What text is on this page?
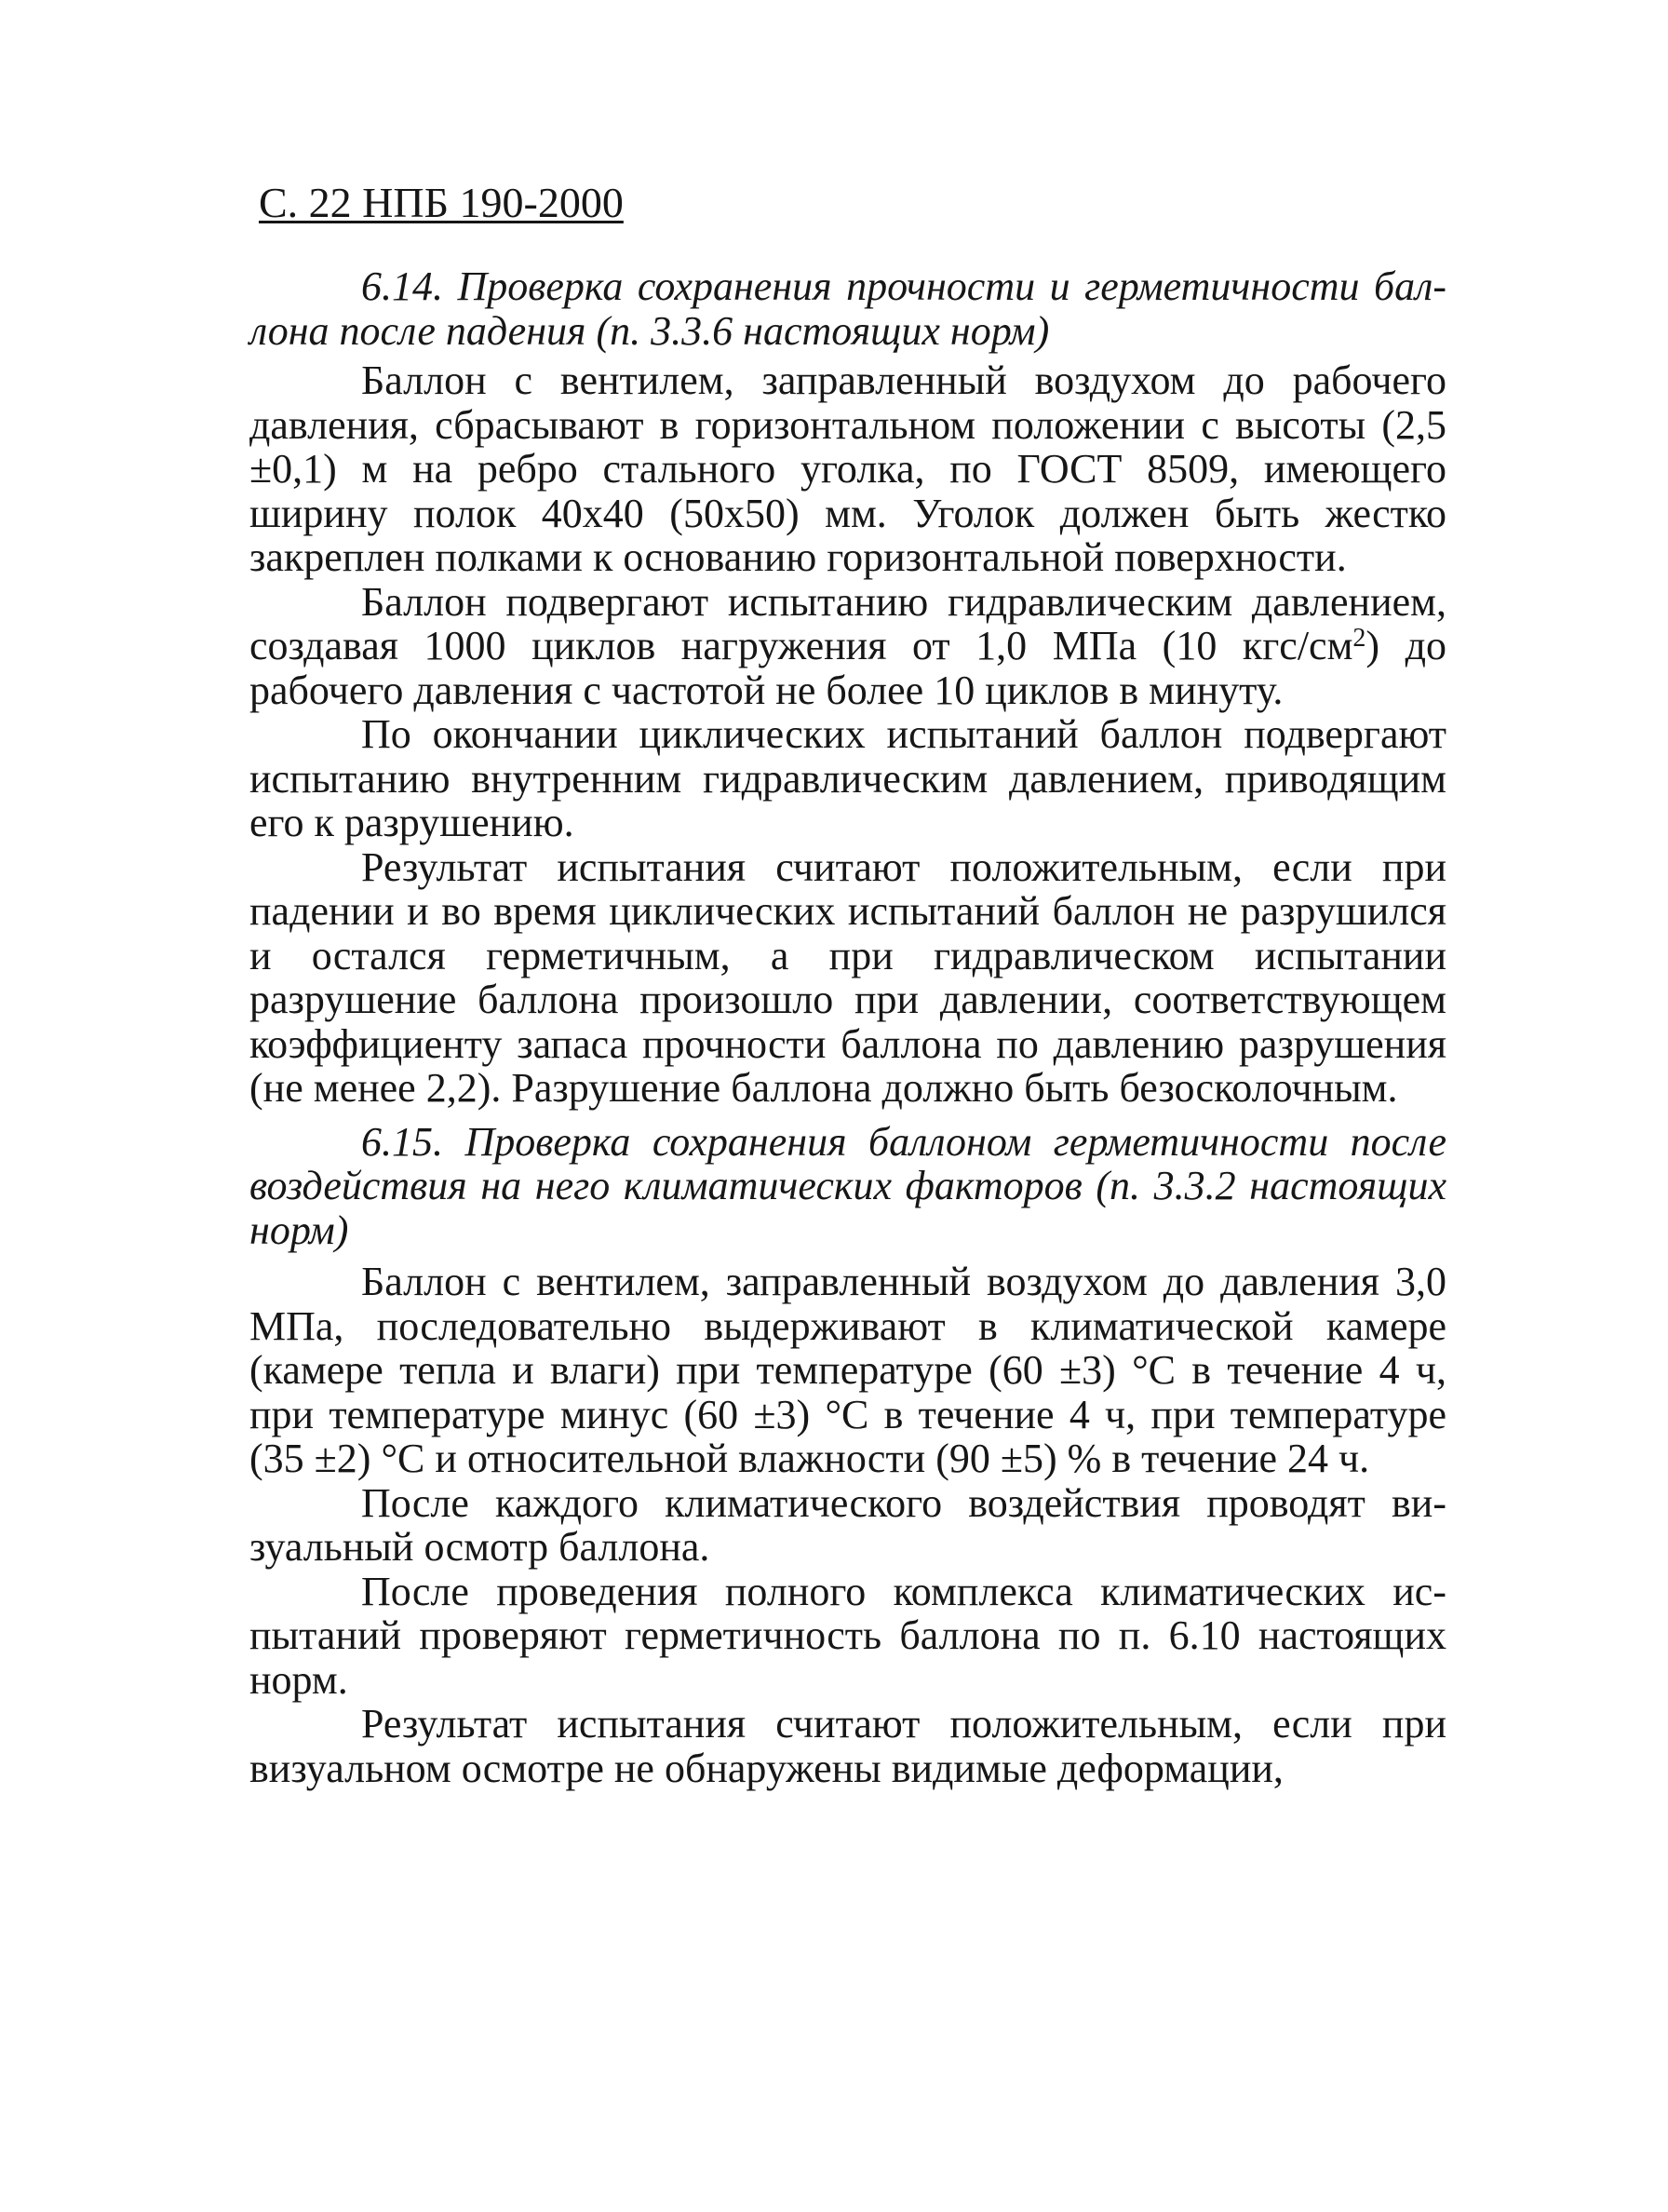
С. 22 НПБ 190-2000

6.14. Проверка сохранения прочности и герметичности баллона после падения (п. 3.3.6 настоящих норм)

Баллон с вентилем, заправленный воздухом до рабочего давления, сбрасывают в горизонтальном положении с высоты (2,5 ±0,1) м на ребро стального уголка, по ГОСТ 8509, имеющего ширину полок 40x40 (50x50) мм. Уголок должен быть жестко закреплен полками к основанию горизонтальной поверхности.

Баллон подвергают испытанию гидравлическим давлением, создавая 1000 циклов нагружения от 1,0 МПа (10 кгс/$см^2$) до рабочего давления с частотой не более 10 циклов в минуту.

По окончании циклических испытаний баллон подвергают испытанию внутренним гидравлическим давлением, приводящим его к разрушению.

Результат испытания считают положительным, если при падении и во время циклических испытаний баллон не разрушился и остался герметичным, а при гидравлическом испытании разрушение баллона произошло при давлении, соответствующем коэффициенту запаса прочности баллона по давлению разрушения (не менее 2,2). Разрушение баллона должно быть безосколочным.

6.15. Проверка сохранения баллоном герметичности после воздействия на него климатических факторов (п. 3.3.2 настоящих норм)

Баллон с вентилем, заправленный воздухом до давления 3,0 МПа, последовательно выдерживают в климатической камере (камере тепла и влаги) при температуре (60 ±3) °С в течение 4 ч, при температуре минус (60 ±3) °С в течение 4 ч, при температуре (35 ±2) °С и относительной влажности (90 ±5) % в течение 24 ч.

После каждого климатического воздействия проводят визуальный осмотр баллона.

После проведения полного комплекса климатических испытаний проверяют герметичность баллона по п. 6.10 настоящих норм.

Результат испытания считают положительным, если при визуальном осмотре не обнаружены видимые деформации,
